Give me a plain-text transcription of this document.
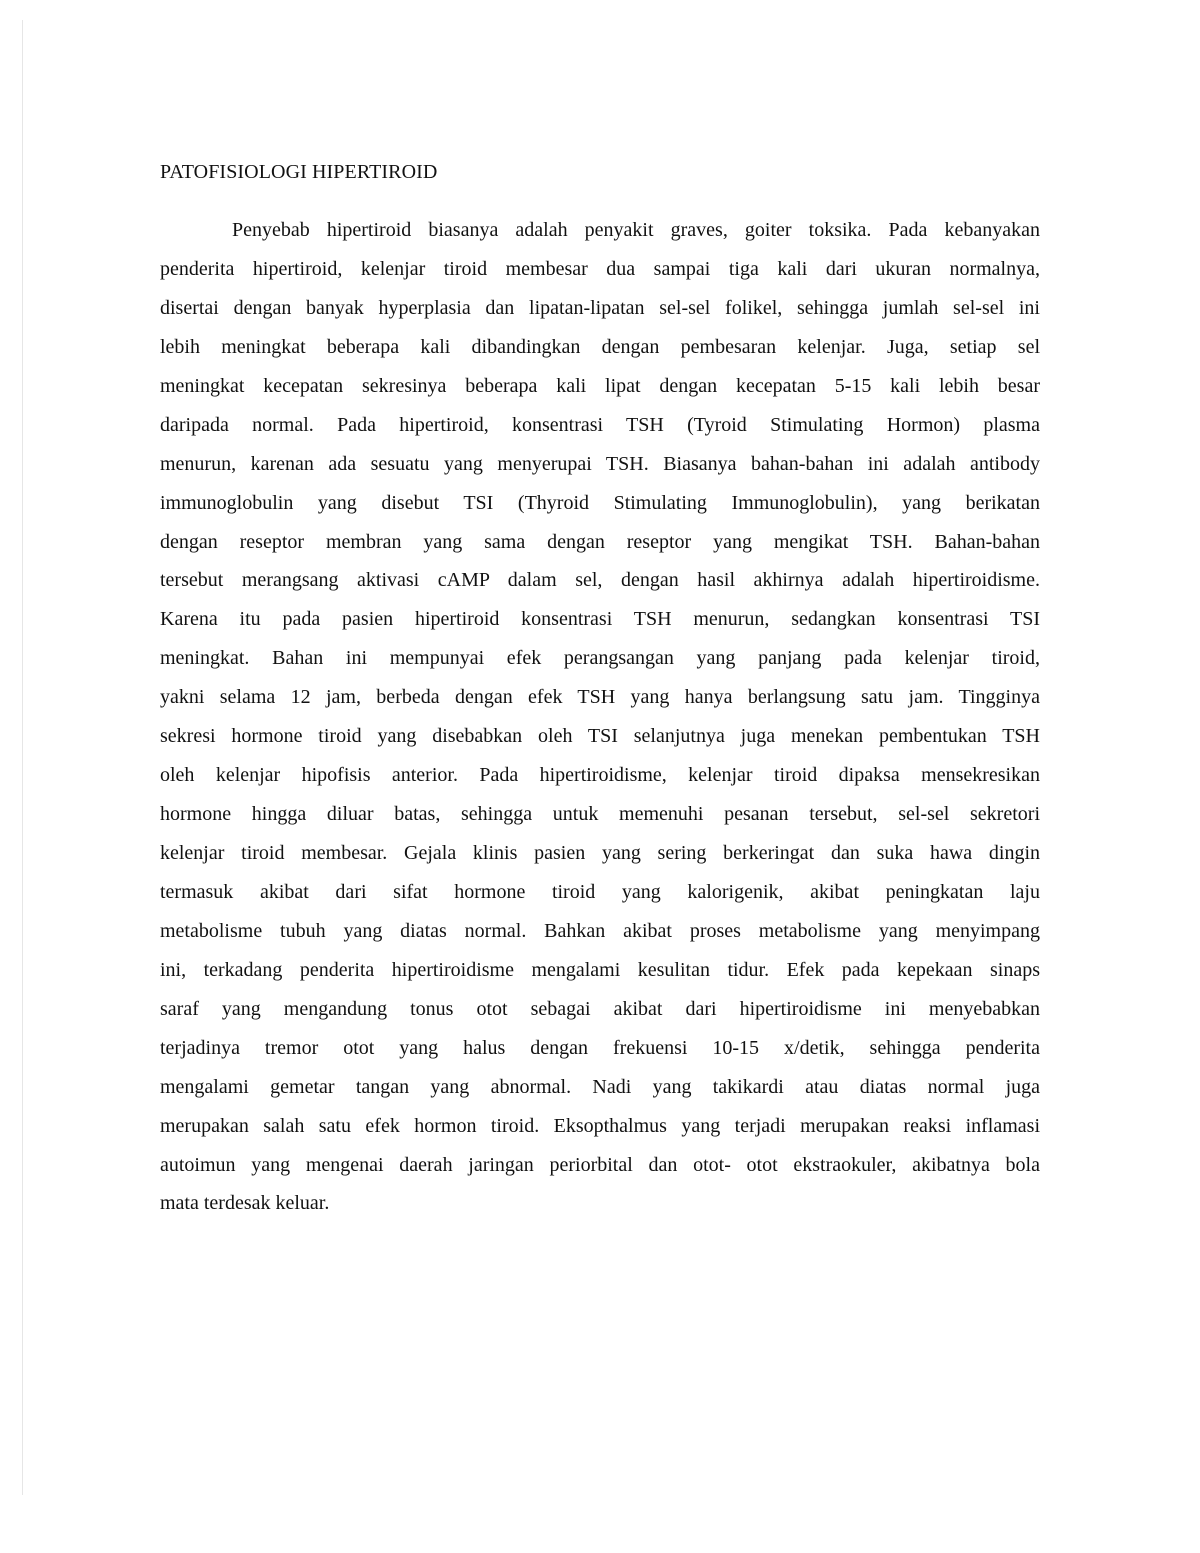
PATOFISIOLOGI HIPERTIROID
Penyebab hipertiroid biasanya adalah penyakit graves, goiter toksika. Pada kebanyakan
penderita hipertiroid, kelenjar tiroid membesar dua sampai tiga kali dari ukuran normalnya,
disertai dengan banyak hyperplasia dan lipatan-lipatan sel-sel folikel, sehingga jumlah sel-sel ini
lebih meningkat beberapa kali dibandingkan dengan pembesaran kelenjar. Juga, setiap sel
meningkat kecepatan sekresinya beberapa kali lipat dengan kecepatan 5-15 kali lebih besar
daripada normal. Pada hipertiroid, konsentrasi TSH (Tyroid Stimulating Hormon) plasma
menurun, karenan ada sesuatu yang menyerupai TSH. Biasanya bahan-bahan ini adalah antibody
immunoglobulin yang disebut TSI (Thyroid Stimulating Immunoglobulin), yang berikatan
dengan reseptor membran yang sama dengan reseptor yang mengikat TSH. Bahan-bahan
tersebut merangsang aktivasi cAMP dalam sel, dengan hasil akhirnya adalah hipertiroidisme.
Karena itu pada pasien hipertiroid konsentrasi TSH menurun, sedangkan konsentrasi TSI
meningkat. Bahan ini mempunyai efek perangsangan yang panjang pada kelenjar tiroid,
yakni selama 12 jam, berbeda dengan efek TSH yang hanya berlangsung satu jam. Tingginya
sekresi hormone tiroid yang disebabkan oleh TSI selanjutnya juga menekan pembentukan TSH
oleh kelenjar hipofisis anterior. Pada hipertiroidisme, kelenjar tiroid dipaksa mensekresikan
hormone hingga diluar batas, sehingga untuk memenuhi pesanan tersebut, sel-sel sekretori
kelenjar tiroid membesar. Gejala klinis pasien yang sering berkeringat dan suka hawa dingin
termasuk akibat dari sifat hormone tiroid yang kalorigenik, akibat peningkatan laju
metabolisme tubuh yang diatas normal. Bahkan akibat proses metabolisme yang menyimpang
ini, terkadang penderita hipertiroidisme mengalami kesulitan tidur. Efek pada kepekaan sinaps
saraf yang mengandung tonus otot sebagai akibat dari hipertiroidisme ini menyebabkan
terjadinya tremor otot yang halus dengan frekuensi 10-15 x/detik, sehingga penderita
mengalami gemetar tangan yang abnormal. Nadi yang takikardi atau diatas normal juga
merupakan salah satu efek hormon tiroid. Eksopthalmus yang terjadi merupakan reaksi inflamasi
autoimun yang mengenai daerah jaringan periorbital dan otot- otot ekstraokuler, akibatnya bola
mata terdesak keluar.
